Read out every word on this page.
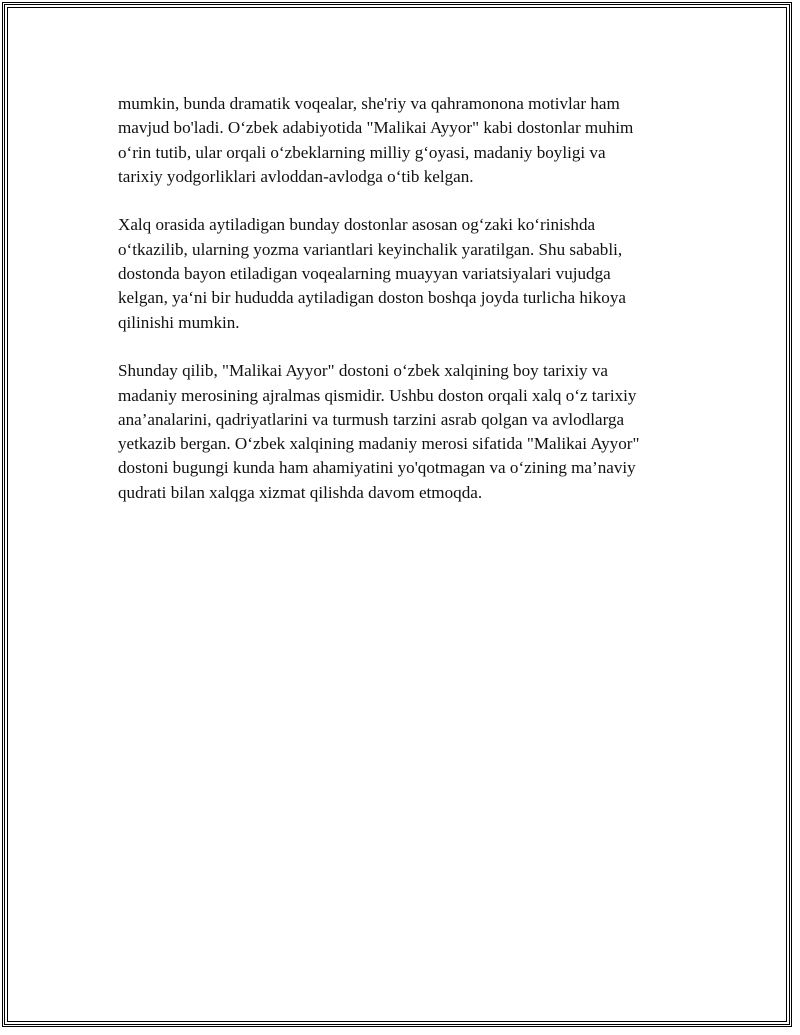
mumkin, bunda dramatik voqealar, she'riy va qahramonona motivlar ham
mavjud bo'ladi. O‘zbek adabiyotida "Malikai Ayyor" kabi dostonlar muhim
o‘rin tutib, ular orqali o‘zbeklarning milliy g‘oyasi, madaniy boyligi va
tarixiy yodgorliklari avloddan-avlodga o‘tib kelgan.

Xalq orasida aytiladigan bunday dostonlar asosan og‘zaki ko‘rinishda
o‘tkazilib, ularning yozma variantlari keyinchalik yaratilgan. Shu sababli,
dostonda bayon etiladigan voqealarning muayyan variatsiyalari vujudga
kelgan, ya‘ni bir hududda aytiladigan doston boshqa joyda turlicha hikoya
qilinishi mumkin.

Shunday qilib, "Malikai Ayyor" dostoni o‘zbek xalqining boy tarixiy va
madaniy merosining ajralmas qismidir. Ushbu doston orqali xalq o‘z tarixiy
ana’analarini, qadriyatlarini va turmush tarzini asrab qolgan va avlodlarga
yetkazib bergan. O‘zbek xalqining madaniy merosi sifatida "Malikai Ayyor"
dostoni bugungi kunda ham ahamiyatini yo'qotmagan va o‘zining ma’naviy
qudrati bilan xalqga xizmat qilishda davom etmoqda.
